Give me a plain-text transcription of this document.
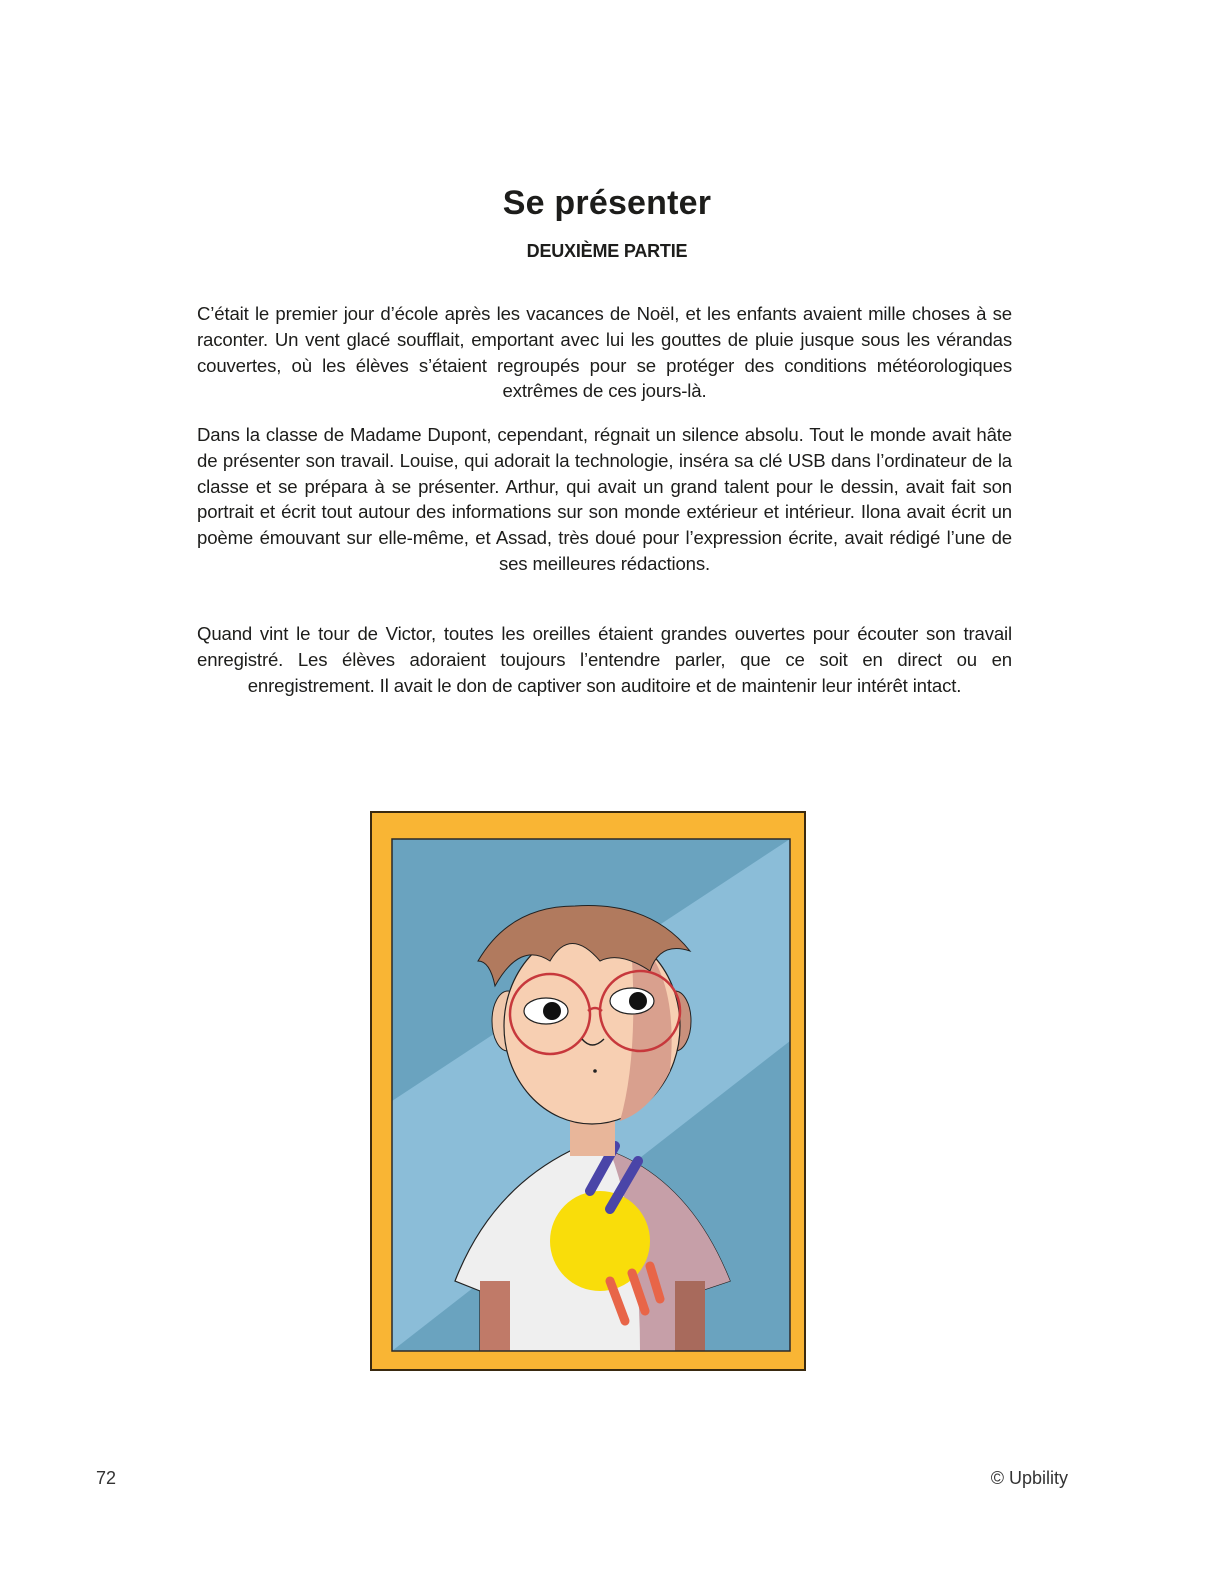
Se présenter
DEUXIÈME PARTIE

C’était le premier jour d’école après les vacances de Noël, et les enfants avaient mille choses à se raconter. Un vent glacé soufflait, emportant avec lui les gouttes de pluie jusque sous les vérandas couvertes, où les élèves s’étaient regroupés pour se protéger des conditions météorologiques extrêmes de ces jours-là.

Dans la classe de Madame Dupont, cependant, régnait un silence absolu. Tout le monde avait hâte de présenter son travail. Louise, qui adorait la technologie, inséra sa clé USB dans l’ordinateur de la classe et se prépara à se présenter. Arthur, qui avait un grand talent pour le dessin, avait fait son portrait et écrit tout autour des informations sur son monde extérieur et intérieur. Ilona avait écrit un poème émouvant sur elle-même, et Assad, très doué pour l’expression écrite, avait rédigé l’une de ses meilleures rédactions.

Quand vint le tour de Victor, toutes les oreilles étaient grandes ouvertes pour écouter son travail enregistré. Les élèves adoraient toujours l’entendre parler, que ce soit en direct ou en enregistrement. Il avait le don de captiver son auditoire et de maintenir leur intérêt intact.

72	© Upbility
